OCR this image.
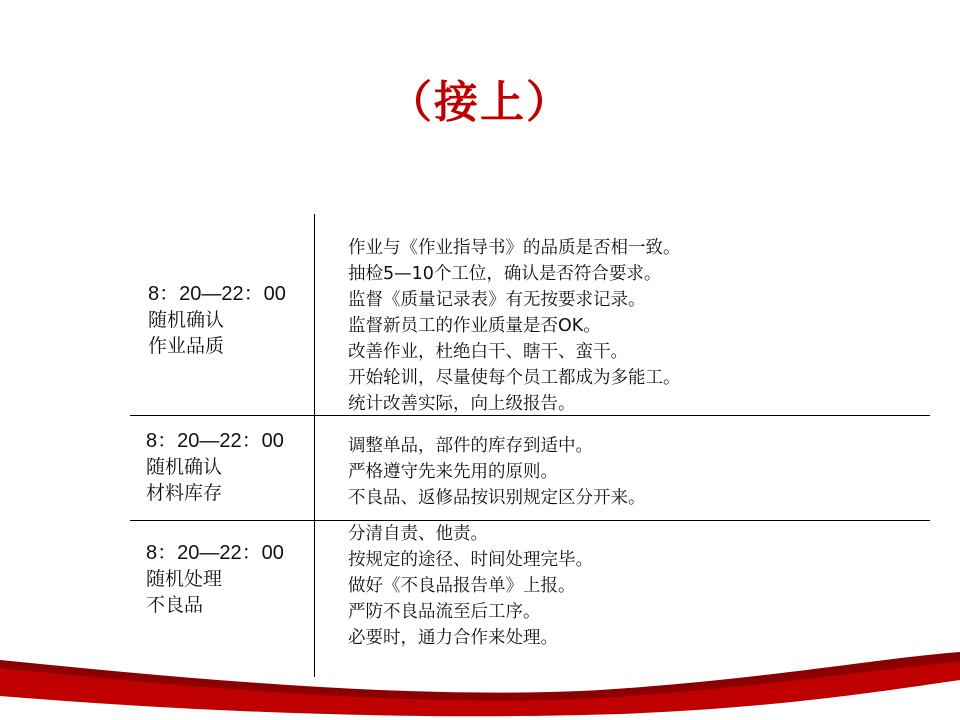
（接上）
8：20—22：00
随机确认
作业品质
作业与《作业指导书》的品质是否相一致。
抽检5—10个工位，确认是否符合要求。
监督《质量记录表》有无按要求记录。
监督新员工的作业质量是否OK。
改善作业，杜绝白干、瞎干、蛮干。
开始轮训，尽量使每个员工都成为多能工。
统计改善实际，向上级报告。
8：20—22：00
随机确认
材料库存
调整单品，部件的库存到适中。
严格遵守先来先用的原则。
不良品、返修品按识别规定区分开来。
8：20—22：00
随机处理
不良品
分清自责、他责。
按规定的途径、时间处理完毕。
做好《不良品报告单》上报。
严防不良品流至后工序。
必要时，通力合作来处理。
